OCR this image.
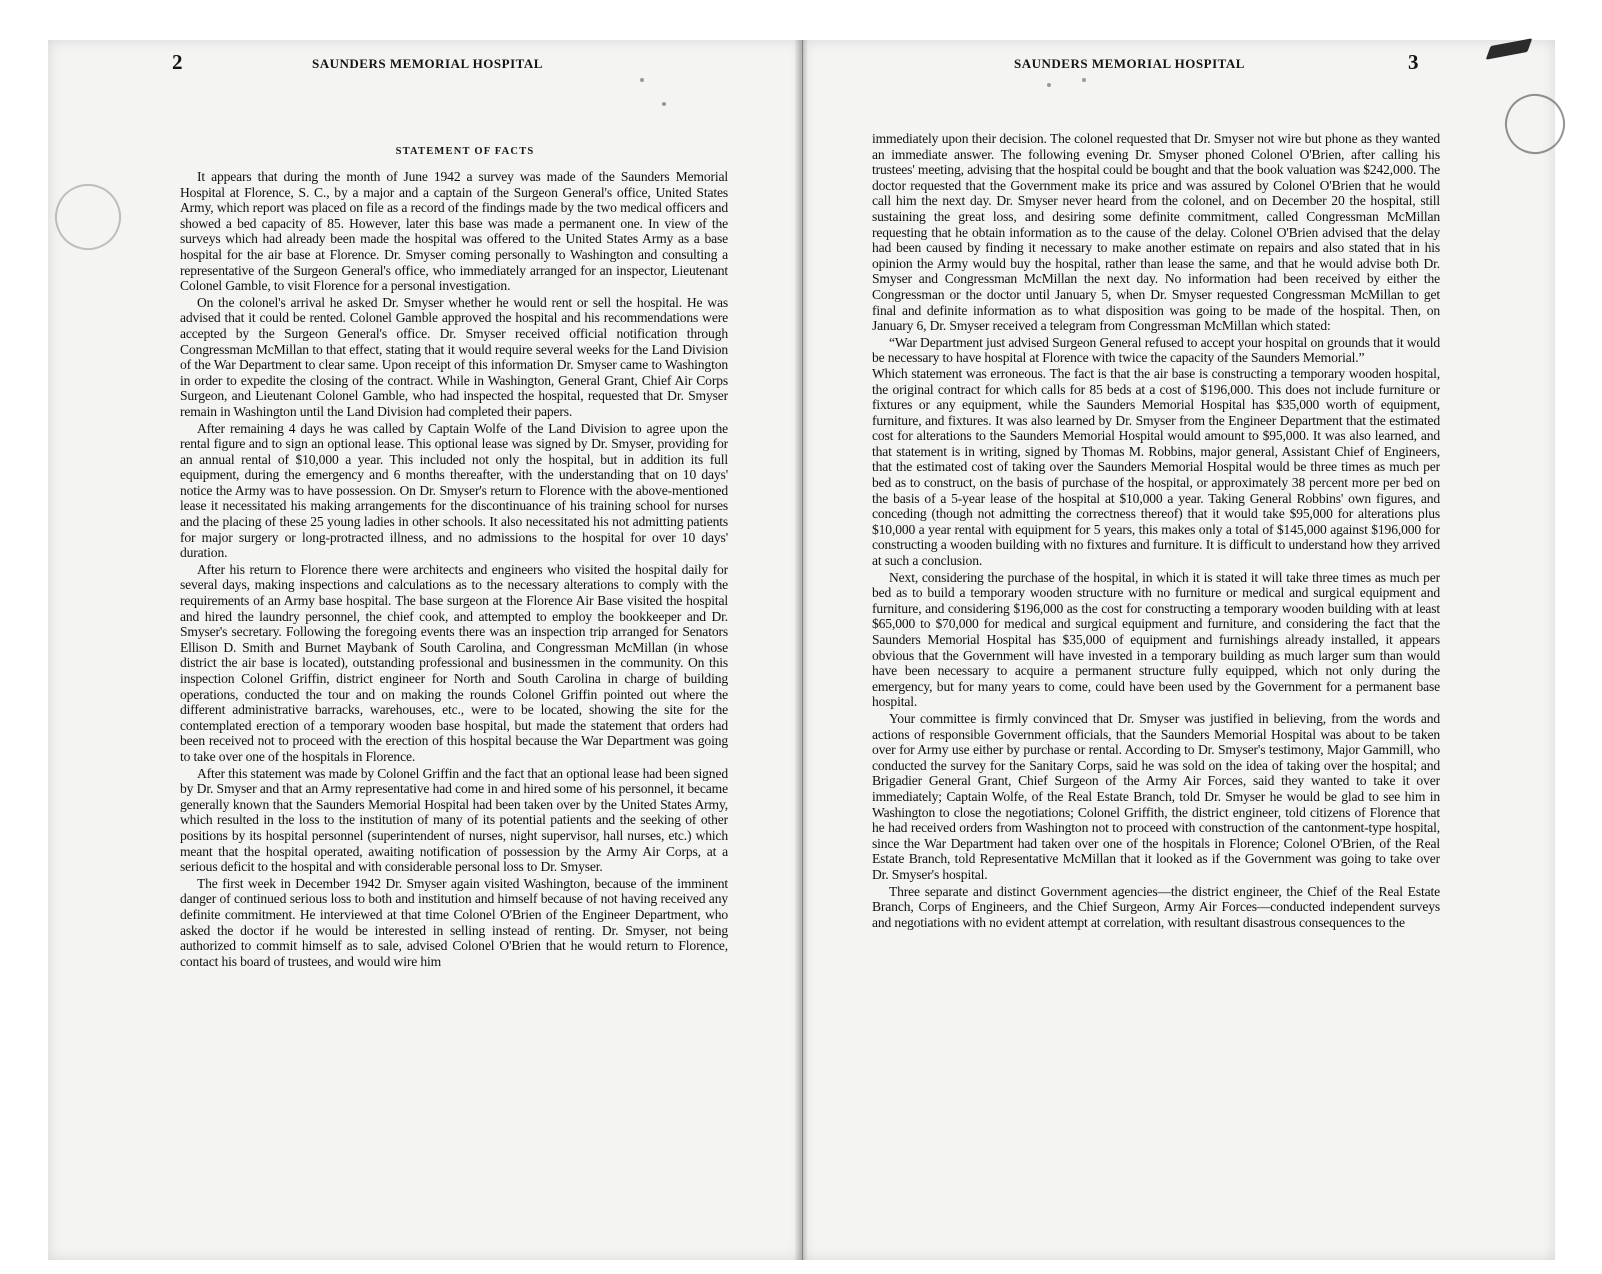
2	SAUNDERS MEMORIAL HOSPITAL
STATEMENT OF FACTS

It appears that during the month of June 1942 a survey was made of the Saunders Memorial Hospital at Florence, S. C., by a major and a captain of the Surgeon General's office, United States Army, which report was placed on file as a record of the findings made by the two medical officers and showed a bed capacity of 85. However, later this base was made a permanent one. In view of the surveys which had already been made the hospital was offered to the United States Army as a base hospital for the air base at Florence. Dr. Smyser coming personally to Washington and consulting a representative of the Surgeon General's office, who immediately arranged for an inspector, Lieutenant Colonel Gamble, to visit Florence for a personal investigation.

On the colonel's arrival he asked Dr. Smyser whether he would rent or sell the hospital. He was advised that it could be rented. Colonel Gamble approved the hospital and his recommendations were accepted by the Surgeon General's office. Dr. Smyser received official notification through Congressman McMillan to that effect, stating that it would require several weeks for the Land Division of the War Department to clear same. Upon receipt of this information Dr. Smyser came to Washington in order to expedite the closing of the contract. While in Washington, General Grant, Chief Air Corps Surgeon, and Lieutenant Colonel Gamble, who had inspected the hospital, requested that Dr. Smyser remain in Washington until the Land Division had completed their papers.

After remaining 4 days he was called by Captain Wolfe of the Land Division to agree upon the rental figure and to sign an optional lease. This optional lease was signed by Dr. Smyser, providing for an annual rental of $10,000 a year. This included not only the hospital, but in addition its full equipment, during the emergency and 6 months thereafter, with the understanding that on 10 days' notice the Army was to have possession. On Dr. Smyser's return to Florence with the above-mentioned lease it necessitated his making arrangements for the discontinuance of his training school for nurses and the placing of these 25 young ladies in other schools. It also necessitated his not admitting patients for major surgery or long-protracted illness, and no admissions to the hospital for over 10 days' duration.

After his return to Florence there were architects and engineers who visited the hospital daily for several days, making inspections and calculations as to the necessary alterations to comply with the requirements of an Army base hospital. The base surgeon at the Florence Air Base visited the hospital and hired the laundry personnel, the chief cook, and attempted to employ the bookkeeper and Dr. Smyser's secretary. Following the foregoing events there was an inspection trip arranged for Senators Ellison D. Smith and Burnet Maybank of South Carolina, and Congressman McMillan (in whose district the air base is located), outstanding professional and businessmen in the community. On this inspection Colonel Griffin, district engineer for North and South Carolina in charge of building operations, conducted the tour and on making the rounds Colonel Griffin pointed out where the different administrative barracks, warehouses, etc., were to be located, showing the site for the contemplated erection of a temporary wooden base hospital, but made the statement that orders had been received not to proceed with the erection of this hospital because the War Department was going to take over one of the hospitals in Florence.

After this statement was made by Colonel Griffin and the fact that an optional lease had been signed by Dr. Smyser and that an Army representative had come in and hired some of his personnel, it became generally known that the Saunders Memorial Hospital had been taken over by the United States Army, which resulted in the loss to the institution of many of its potential patients and the seeking of other positions by its hospital personnel (superintendent of nurses, night supervisor, hall nurses, etc.) which meant that the hospital operated, awaiting notification of possession by the Army Air Corps, at a serious deficit to the hospital and with considerable personal loss to Dr. Smyser.

The first week in December 1942 Dr. Smyser again visited Washington, because of the imminent danger of continued serious loss to both and institution and himself because of not having received any definite commitment. He interviewed at that time Colonel O'Brien of the Engineer Department, who asked the doctor if he would be interested in selling instead of renting. Dr. Smyser, not being authorized to commit himself as to sale, advised Colonel O'Brien that he would return to Florence, contact his board of trustees, and would wire him

SAUNDERS MEMORIAL HOSPITAL	3

immediately upon their decision. The colonel requested that Dr. Smyser not wire but phone as they wanted an immediate answer. The following evening Dr. Smyser phoned Colonel O'Brien, after calling his trustees' meeting, advising that the hospital could be bought and that the book valuation was $242,000. The doctor requested that the Government make its price and was assured by Colonel O'Brien that he would call him the next day. Dr. Smyser never heard from the colonel, and on December 20 the hospital, still sustaining the great loss, and desiring some definite commitment, called Congressman McMillan requesting that he obtain information as to the cause of the delay. Colonel O'Brien advised that the delay had been caused by finding it necessary to make another estimate on repairs and also stated that in his opinion the Army would buy the hospital, rather than lease the same, and that he would advise both Dr. Smyser and Congressman McMillan the next day. No information had been received by either the Congressman or the doctor until January 5, when Dr. Smyser requested Congressman McMillan to get final and definite information as to what disposition was going to be made of the hospital. Then, on January 6, Dr. Smyser received a telegram from Congressman McMillan which stated:

“War Department just advised Surgeon General refused to accept your hospital on grounds that it would be necessary to have hospital at Florence with twice the capacity of the Saunders Memorial.”

Which statement was erroneous. The fact is that the air base is constructing a temporary wooden hospital, the original contract for which calls for 85 beds at a cost of $196,000. This does not include furniture or fixtures or any equipment, while the Saunders Memorial Hospital has $35,000 worth of equipment, furniture, and fixtures. It was also learned by Dr. Smyser from the Engineer Department that the estimated cost for alterations to the Saunders Memorial Hospital would amount to $95,000. It was also learned, and that statement is in writing, signed by Thomas M. Robbins, major general, Assistant Chief of Engineers, that the estimated cost of taking over the Saunders Memorial Hospital would be three times as much per bed as to construct, on the basis of purchase of the hospital, or approximately 38 percent more per bed on the basis of a 5-year lease of the hospital at $10,000 a year. Taking General Robbins' own figures, and conceding (though not admitting the correctness thereof) that it would take $95,000 for alterations plus $10,000 a year rental with equipment for 5 years, this makes only a total of $145,000 against $196,000 for constructing a wooden building with no fixtures and furniture. It is difficult to understand how they arrived at such a conclusion.

Next, considering the purchase of the hospital, in which it is stated it will take three times as much per bed as to build a temporary wooden structure with no furniture or medical and surgical equipment and furniture, and considering $196,000 as the cost for constructing a temporary wooden building with at least $65,000 to $70,000 for medical and surgical equipment and furniture, and considering the fact that the Saunders Memorial Hospital has $35,000 of equipment and furnishings already installed, it appears obvious that the Government will have invested in a temporary building as much larger sum than would have been necessary to acquire a permanent structure fully equipped, which not only during the emergency, but for many years to come, could have been used by the Government for a permanent base hospital.

Your committee is firmly convinced that Dr. Smyser was justified in believing, from the words and actions of responsible Government officials, that the Saunders Memorial Hospital was about to be taken over for Army use either by purchase or rental. According to Dr. Smyser's testimony, Major Gammill, who conducted the survey for the Sanitary Corps, said he was sold on the idea of taking over the hospital; and Brigadier General Grant, Chief Surgeon of the Army Air Forces, said they wanted to take it over immediately; Captain Wolfe, of the Real Estate Branch, told Dr. Smyser he would be glad to see him in Washington to close the negotiations; Colonel Griffith, the district engineer, told citizens of Florence that he had received orders from Washington not to proceed with construction of the cantonment-type hospital, since the War Department had taken over one of the hospitals in Florence; Colonel O'Brien, of the Real Estate Branch, told Representative McMillan that it looked as if the Government was going to take over Dr. Smyser's hospital.

Three separate and distinct Government agencies—the district engineer, the Chief of the Real Estate Branch, Corps of Engineers, and the Chief Surgeon, Army Air Forces—conducted independent surveys and negotiations with no evident attempt at correlation, with resultant disastrous consequences to the
